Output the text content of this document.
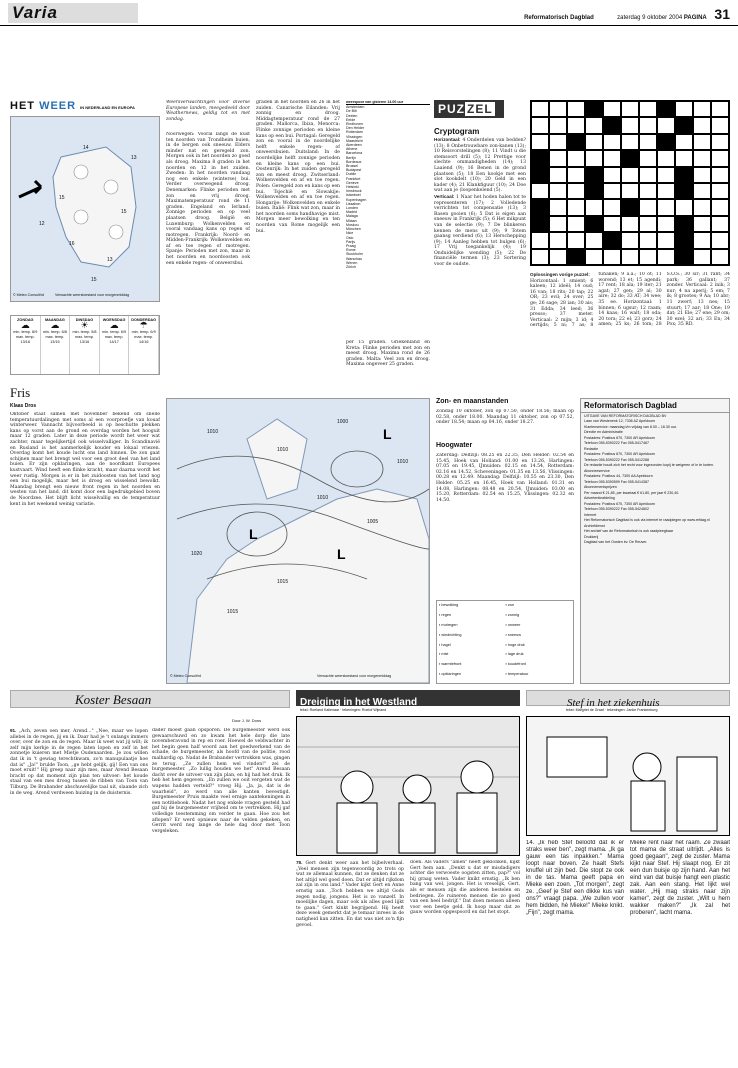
Varia	Reformatorisch Dagblad	zaterdag 9 oktober 2004 PAGINA 31
HET WEER IN NEDERLAND EN EUROPA
14
13
15
15
16
13
12
15
© Meteo Consult/rd	Verwachte weerstoestand voor morgenmiddag
ZONDAG
☁
min. temp. 8/9 max. temp. 13/16
MAANDAG
☁
min. temp. 6/8 max. temp. 13/15
DINSDAG
☀
min. temp. 5/8 max. temp. 13/16
WOENSDAG
☁
min. temp. 6/9 max. temp. 14/17
DONDERDAG
☂
min. temp. 6/9 max. temp. 14/16
Fris
Klaas Dros
Oktober staat samen met november bekend om snelle temperatuurdalingen met soms al een voorproefje van kouaf winterweer. Vannacht bijvoorbeeld is op beschutte plekken kans op vorst aan de grond en overdag worden het hooguit maar 12 graden. Later in deze periode wordt het weer wat zachter, maar tegelijkertijd ook wisselvalliger. In Scandinavië en Rusland is het aanmerkelijk kouder en lokaal vriezen. Overdag komt het koude lucht ons land binnen. De zon gaat schijnen maar het brengt wel voor een groot deel van het land buien. Er zijn opklaringen, aan de noordkant Europees kustvaart. Wind heeft een flinke kracht, maar daarna wordt het weer rustig. Morgen is er in het zuidoosten van het land nog een bui mogelijk, maar het is droog en wisselend bewolkt. Maandag brengt een nieuw front regen in het noorden en westen van het land, dit komt door een lagedrukgebied boven de Noordzee. Het blijft licht wisselvallig en de temperatuur kent in het weekend weinig variatie.
Weersverwachtingen voor diverse Europese landen, meegedeeld door Weathernews, geldig tot en met zondag.
Noorwegen: Vooral langs de kust ten noorden van Trondheim buien, in de bergen ook sneeuw. Elders minder nat en geregeld zon. Morgen ook in het noorden zo goed als droog. Maxima 8 graden in het noorden en 12 in het zuiden. Zweden: In het noorden vandaag nog een enkele (winterse) bui. Verder overwegend droog. Denemarken: Flinke perioden met zon en vrij droog. Maximatemperatuur rond de 11 graden. Engeland en Ierland: Zonnige perioden en op veel plaatsen droog. België en Luxemburg: Wolkenvelden en vooral vandaag kans op regen of motregen. Frankrijk: Noord- en Midden-Frankrijk: Wolkenvelden en af en toe regen of motregen. Spanje: Perioden met zon, maar in het noorden en noordoosten ook een enkele regen- of onweersbui.
graden in het noorden en 26 in het zuiden. Canarische Eilanden: Vrij zonnig en droog. Middagtemperatuur rond de 27 graden. Mallorca, Ibiza, Menorca: Flinke zonnige perioden en kleine kans op een bui. Portugal: Geregeld zon en vooral in de noordelijke helft enkele regen- of onweersbuien. Duitsland: In de noordelijke helft zonnige perioden en kleine kans op een bui. Oostenrijk: In het zuiden geregeld zon en meest droog. Zwitserland: Wolkenvelden en af en toe regen. Polen: Geregeld zon en kans op een bui. Tsjechië en Slowakije: Wolkenvelden en af en toe regen. Hongarije: Wolkenvelden en enkele buien. Italië: Flink wat zon, maar in het noorden soms handhavige mist. Morgen meer bewolking en ten noorden van Rome mogelijk een bui.
weerspoor van gisteren 14.00 uur
Amsterdam
De Bilt
Deelen
Eelde
Eindhoven
Den Helder
Rotterdam
Vlissingen
Maastricht
Aberdeen
Athene
Barcelona
Berlijn
Bordeaux
Brussel
Budapest
Dublin
Frankfurt
Genève
Helsinki
Innsbruck
Istanboel
Kopenhagen
Lissabon
Londen
Madrid
Malaga
Milaan
Moskou
München
Nice
Oslo
Parijs
Praag
Rome
Stockholm
Warschau
Wenen
Zürich
per 15 graden. Griekenland en Kreta: Flinke perioden met zon en meest droog. Maxima rond de 26 graden. Malta: Veel zon en droog. Maxima ongeveer 25 graden.
PUZ ZEL
Cryptogram
Horizontaal: 4 Onderdelen van bedden? (13); 8 Onbetrouwbare zon-kanen (13); 10 Reisvorstelingen (8); 11 Vindt u die stemsoort drill (5); 12 Prettige voor slechte ommandigheden (14); 13 Laaiend (9); 16 Benen in de grond plaatsen (5); 18 Een kookje met een slot kookdelt (10); 20 Geld in een kader (4); 21 Klankfiguur (10); 24 Doe wat aan je (loopenkelend (5).
Verticaal: 1 Naar het hoden halen tot te representeren (17); 2 Volledende verrichten tot compensatie (13); 3 Basen gooien (6); 5 Dat is eigen aan sneeuw in Frankrijk (5); 6 Het mikpunt van de selectie (9); 7 De blinkeren kennen de mens uit (9); 9 Totem gaansg verdiend (6); 13 Herschepping (9); 14 Aanleg hebben tot bulgen (6); 17 Vrij toegankelijk (4); 19 Onduidelijke wending (5); 22 De financiële termen (3); 23 Sortering voor de oudste.
Oplossingen vorige puzzel:
Horizontaal: 1 smient; 6 kaleen; 12 ideël; 14 oud; 16 van; 18 rits; 20 tap; 22 OR; 23 evil; 24 over; 25 ge; 26 sage; 28 ian; 30 ais; 31 Edda; 34 leed; 36 presso; 37 meter. Verticaal: 2 mijn; 3 id; 4 oertijds; 5 ni; 7 as; 8 tuhaken; 9 a.a.; 10 ot; 11 worend; 13 et; 15 agendi; 17 rent; 18 ala; 19 iter; 21 agat; 27 gen; 29 al; 30 aire; 32 do; 33 AT; 34 wee; 35 ee. Horizontaal: 1 binnen; 6 ugsur; 12 raam; 14 kaas; 16 walt; 18 oda; 20 tora; 22 el; 23 gorz; 24 amen; 25 ks; 26 tom; 28 S.O.S.; 30 sir; 31 rant; 34 park; 36 gallant; 37 zonder. Verticaal: 2 inik; 3 nur; 4 na aperij; 5 em; 7 ik; 8 grootes; 9 Aa; 10 abr; 11 zwerf; 13 nes; 15 stuurt; 17 aar; 18 One; 19 dat; 21 Ele; 27 ene; 29 om; 30 ezel; 32 ari; 33 En; 34 Pox; 35 RD.
L
L
L
1010
1010
1020
1015
1010
1005
1010
1015
1000
© Meteo Consult/rd	Verwachte weerstoestand voor morgenmiddag
Zon- en maanstanden
Zondag 10 oktober, zon op 07.50, onder 18.56; maan op 02.58, onder 18.00. Maandag 11 oktober, zon op 07.52, onder 18.54; maan op 04.16, onder 18.27.
Hoogwater
Zaterdag: Delfzijl: 08.25 en 22.35, Den Helder: 02.54 en 15.45, Hoek van Holland: 01.00 en 13.26, Harlingen: 07.05 en 19.45, IJmuiden: 02.15 en 14.54, Rotterdam: 02.16 en 14.52, Scheveningen: 01.35 en 13.56, Vlissingen: 00.28 en 12.49. Maandag: Delfzijl: 10.55 en 23.30, Den Helder: 05.25 en 16.45, Hoek van Holland: 01.31 en 14.08, Harlingen: 08.48 en 20.54, IJmuiden: 03.00 en 15.20, Rotterdam: 02.54 en 15.25, Vlissingen: 02.32 en 14.50.
▪ bewolking	▪ zon
▪ regen	▪ zonnig
▪ motregen	▪ onweer
▪ windrichting	▪ sneeuw
▪ hagel	▪ hoge druk
▪ mist	▪ lage druk
▪ warmtefront	▪ koudefront
▪ opklaringen	▪ temperatuur
Reformatorisch Dagblad
UITGAVE VAN REFORMATORISCH DAGBLAD BV
Laan van Westenenk 12, 7336 AZ Apeldoorn
Klantenservice: maandag t/m vrijdag van 8.00 – 16.30 uur.
Directie en Administratie
Postadres: Postbus 670, 7300 AR Apeldoorn
Telefoon 055-5390222 Fax 055-5417467
Redactie
Postadres: Postbus 670, 7300 AR Apeldoorn
Telefoon 055-5390222 Fax 055-5412288
De redactie houdt zich het recht voor ingezonden kopij te weigeren of in te korten.
Abonneeservice
Postadres: Postbus 44, 7300 AA Apeldoorn
Telefoon 055-5390599 Fax 055-5414387
Abonnementsprijzen
Per maand € 21,85, per kwartaal € 61,80, per jaar € 230,40.
Advertentieafdeling
Postadres: Postbus 670, 7300 AR Apeldoorn
Telefoon 055-5390222 Fax 055-5424802
Internet
Het Reformatorisch Dagblad is ook via internet te raadplegen op www.refdag.nl
Archiefdienst
Het archief van de Reformatorisch is ook raadpleegbaar
Drukkerij
Dagblad van het Oosten bv. De Reuver.
Koster Besaan
Door J. W. Dons
91. „Ach, zeven oen mer, Arend..." „Nee, maar we lopen allebei in de regen, jij en ik. Daar had je 't onlangs immers over, over de zon en de regen. Maar ik weet wat jij wilt; ik zelf mijn kerkje in de regen laten lopen en zelf in het zonnetje kuieren met Mietje Oudenaarden. Je zou willen dat ik in 't gewiag terechtkwam, zo'n manupulaatje hoe dat is" „Ja!" brulde Toon, „ge hebt gelijk, gij! Een van ons moet eruit!" Hij greep naar zijn mes, maar Arend Besaan bracht op dat moment zijn plan ten uitvoer: het koude staal van een mes droog tussen de ribben van Toon van Tilburg. De Brabander abschuwelijke taal uit, slaande zich in de weg. Arend verdween huizing in de duisternis.
dader moest gaan opsporen. De burgemeester werd ook gewaarschuwd en zo kwam het hele dorp die late novemberavond in rep en roer. Hoewel de veldwachter in het begin geen half woord aan het goedwerkend van de schade, de burgemeester, als hoofd van de politie, rood malhardig op. Nadat de Brabander vertrokken was, gingen ze terug. „Ze zullen hem wel vinden!" zei de burgemeester. „Zo lullig houden we het" Arend Besaan dacht over de uitvoer van zijn plan, en hij had het druk. Ik heb het hem gegeven. „En zullen we ooit vergeten wat de wapens hadden verteld?" vroeg Hij. „Ja, ja, dat is de waarheid", zo werd van alle kanten bevestigd. Burgemeester Pruis maakte veel ernige aantekeningen in een notitieboek. Nadat het nog enkele vragen gesteld had gaf hij de burgemeester vrijheid om te vertrekken. Hij gaf volledige toestemming om verder te gaan. Hoe zou het aflopen? Er werd opnieuw naar de velden gekeken, en Gerrit werd nog lange de hele dag door met Toon vergeleken.
Dreiging in het Westland
tekst: Roeland Kallenaar · tekeningen: Roelof Wijnand
78. Gert denkt weer aan het bijbelverhaal. „Veel mensen zijn tegenwoordig zo trots op wat ze allemaal kunnen, dat ze denken dat ze het altijd wel goed doen. Dat er altijd rijkdom zal zijn in ons land." Vader kijkt Gert en Anne ernstig aan. „Toch hebben we altijd Gods zegen nodig, jongens. Het is zo vanzelf. In moeilijke dagen, maar ook als alles goed lijkt te gaan." Gert kinkt begrijpend. Hij heeft deze week gemerkt dat je temaar inrees in de natigheid kan zitten. En dat was niet zo'n fijn gevoel.
doen. Als vaders "amen" heeft geklonken, kijkt Gert hem aan. „Denkt u dat er misdadigers achter die verwoeste oogsten zitten, pap?" vol hij graag weten. Vader knikt ernstig. „Ik ben bang van wel, jongen. Het is vreselijk, Gert, als er mensen zijn die anderen bestelen en bedriegen. Ze ruineren mensen die zo goed van een heel bedrijf." Dat doen mensen alleen voor een beetje geld. Ik hoop maar dat ze gauw worden opgespoord en dat het stopt.
Stef in het ziekenhuis
tekst: Margriet de Graaf · tekeningen: Janke Frankenburg
14. „Ik heb Stef beloofd dat ik er straks weer ben", zegt mama. „Ik ga gauw een tas inpakken." Mama loopt naar boven. Ze haalt Stefs knuffel uit zijn bed. Die stopt ze ook in de tas. Mama geeft papa en Mieke een zoen. „Tot morgen", zegt ze. „Geef je Stef een dikke kus van ons?" vraagt papa. „We zullen voor hem bidden, hè Mieke!" Mieke knikt. „Fijn", zegt mama.
Mieke rent naar het raam. Ze zwaait tot mama de straat uitrijdt. „Alles is goed gegaan", zegt de zuster. Mama kijkt naar Stef. Hij slaapt nog. Er zit een dun buisje op zijn hand. Aan het eind van dat buisje hangt een plastic zak. Aan een stang. Het lijkt wel water. „Hij mag straks naar zijn kamer", zegt de zuster. „Wilt u hem wakker maken?" „Ik zal het proberen", lacht mama.
